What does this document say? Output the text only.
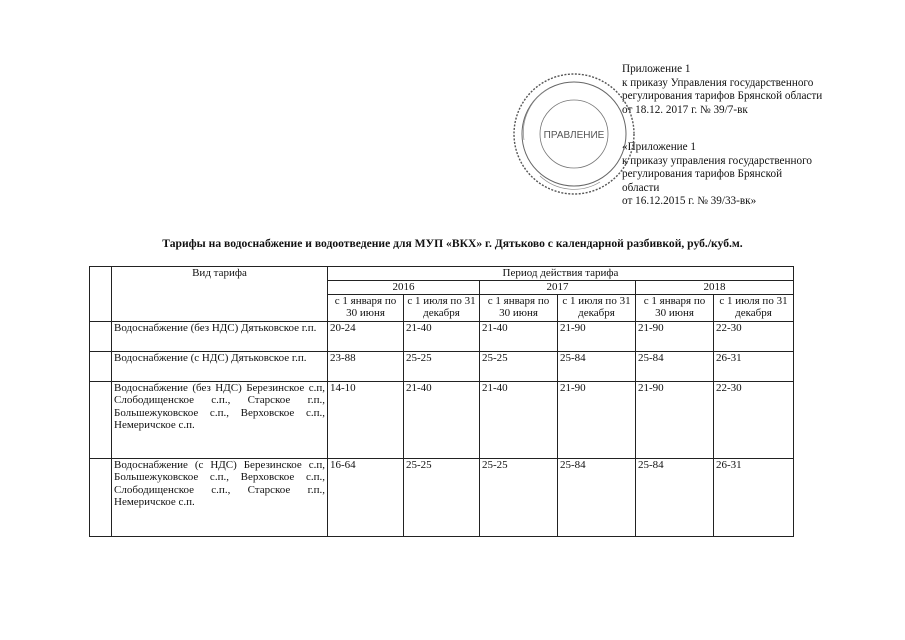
Приложение 1
к приказу Управления государственного
регулирования тарифов Брянской области
от 18.12. 2017 г. № 39/7-вк
«Приложение 1
к приказу управления государственного
регулирования тарифов Брянской
области
от 16.12.2015 г. № 39/33-вк»
ПРАВЛЕНИЕ
Тарифы на водоснабжение и водоотведение для МУП «ВКХ» г. Дятьково с календарной разбивкой, руб./куб.м.
	Вид тарифа	Период действия тарифа					
		2016		2017		2018	
		с 1 января по 30 июня	с 1 июля по 31 декабря	с 1 января по 30 июня	с 1 июля по 31 декабря	с 1 января по 30 июня	с 1 июля по 31 декабря
	Водоснабжение (без НДС) Дятьковское г.п.	20-24	21-40	21-40	21-90	21-90	22-30
	Водоснабжение (с НДС) Дятьковское г.п.	23-88	25-25	25-25	25-84	25-84	26-31
	Водоснабжение (без НДС) Березинское с.п, Слободищенское с.п., Старское г.п., Большежуковское с.п., Верховское с.п., Немеричское с.п.	14-10	21-40	21-40	21-90	21-90	22-30
	Водоснабжение (с НДС) Березинское с.п, Большежуковское с.п., Верховское с.п., Слободищенское с.п., Старское г.п., Немеричское с.п.	16-64	25-25	25-25	25-84	25-84	26-31
